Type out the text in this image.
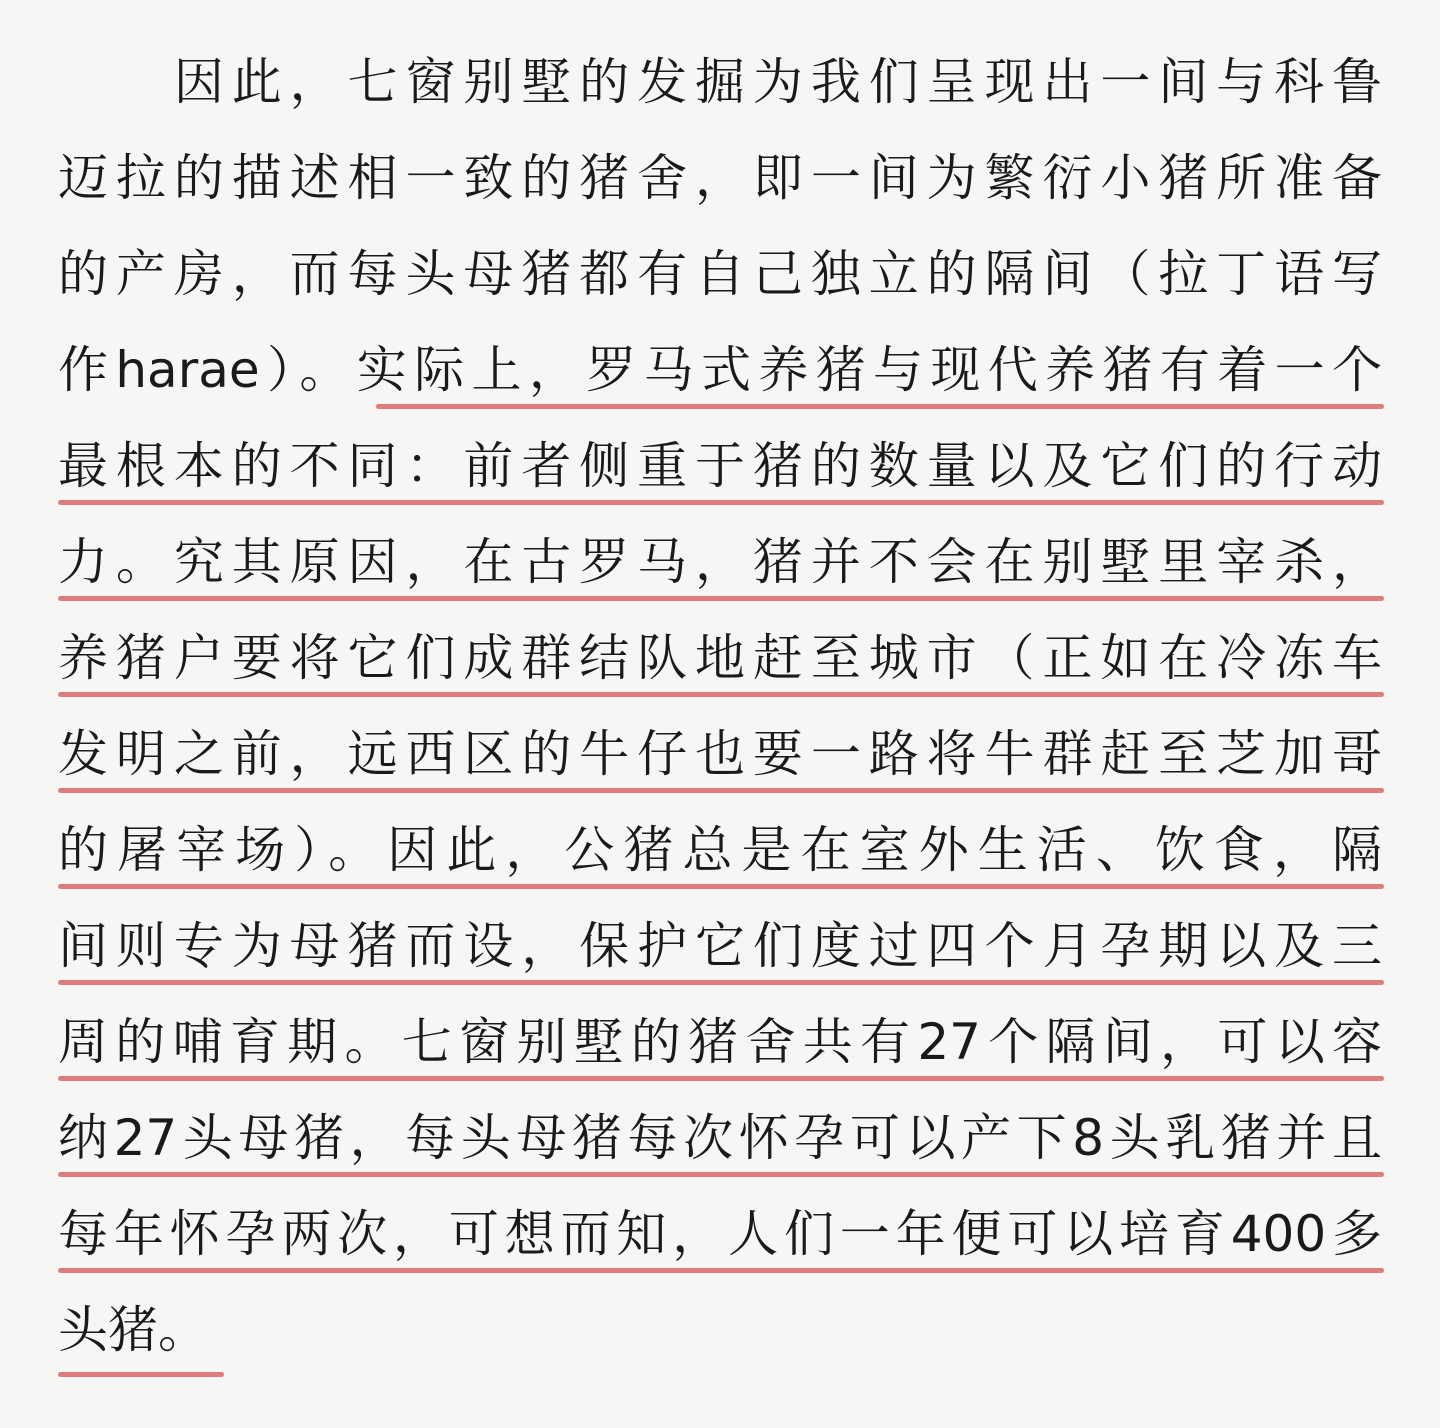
　　因此，七窗别墅的发掘为我们呈现出一间与科鲁
迈拉的描述相一致的猪舍，即一间为繁衍小猪所准备
的产房，而每头母猪都有自己独立的隔间（拉丁语写
作harae）。实际上，罗马式养猪与现代养猪有着一个
最根本的不同：前者侧重于猪的数量以及它们的行动
力。究其原因，在古罗马，猪并不会在别墅里宰杀，
养猪户要将它们成群结队地赶至城市（正如在冷冻车
发明之前，远西区的牛仔也要一路将牛群赶至芝加哥
的屠宰场）。因此，公猪总是在室外生活、饮食，隔
间则专为母猪而设，保护它们度过四个月孕期以及三
周的哺育期。七窗别墅的猪舍共有27个隔间，可以容
纳27头母猪，每头母猪每次怀孕可以产下8头乳猪并且
每年怀孕两次，可想而知，人们一年便可以培育400多
头猪。
